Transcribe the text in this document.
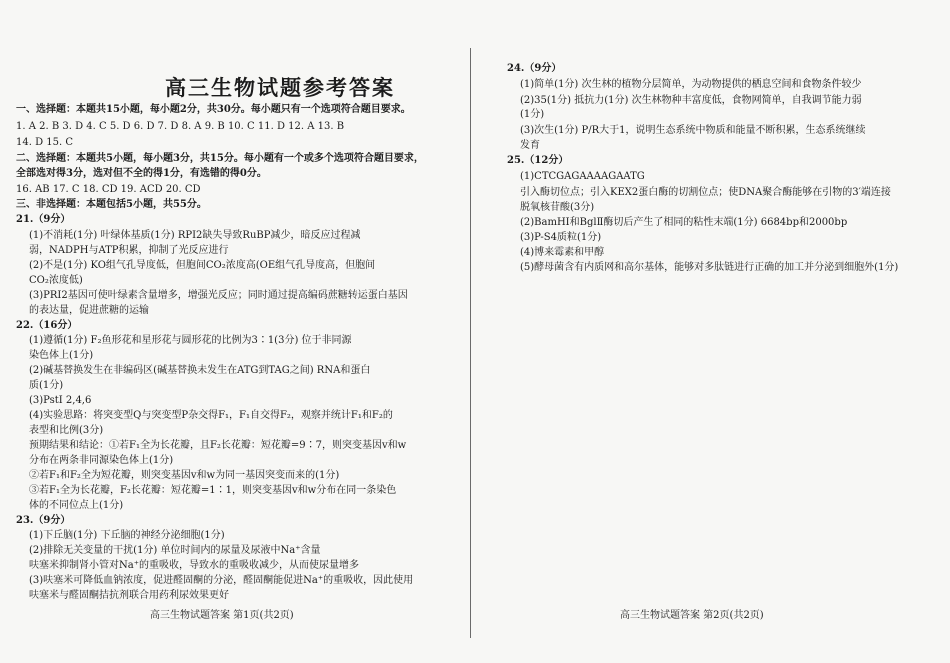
高三生物试题参考答案
一、选择题：本题共15小题，每小题2分，共30分。每小题只有一个选项符合题目要求。
1. A 2. B 3. D 4. C 5. D 6. D 7. D 8. A 9. B 10. C 11. D 12. A 13. B
14. D 15. C
二、选择题：本题共5小题，每小题3分，共15分。每小题有一个或多个选项符合题目要求，
全部选对得3分，选对但不全的得1分，有选错的得0分。
16. AB 17. C 18. CD 19. ACD 20. CD
三、非选择题：本题包括5小题，共55分。
21.（9分）
(1)不消耗(1分) 叶绿体基质(1分) RPI2缺失导致RuBP减少，暗反应过程减
弱，NADPH与ATP积累，抑制了光反应进行
(2)不是(1分) KO组气孔导度低，但胞间CO₂浓度高(OE组气孔导度高，但胞间
CO₂浓度低)
(3)PRI2基因可使叶绿素含量增多，增强光反应；同时通过提高编码蔗糖转运蛋白基因
的表达量，促进蔗糖的运输
22.（16分）
(1)遵循(1分) F₂鱼形花和星形花与圆形花的比例为3∶1(3分) 位于非同源
染色体上(1分)
(2)碱基替换发生在非编码区(碱基替换未发生在ATG到TAG之间) RNA和蛋白
质(1分)
(3)PstⅠ 2,4,6
(4)实验思路：将突变型Q与突变型P杂交得F₁，F₁自交得F₂，观察并统计F₁和F₂的
表型和比例(3分)
预期结果和结论：①若F₁全为长花瓣，且F₂长花瓣：短花瓣=9∶7，则突变基因v和w
分布在两条非同源染色体上(1分)
②若F₁和F₂全为短花瓣，则突变基因v和w为同一基因突变而来的(1分)
③若F₁全为长花瓣，F₂长花瓣：短花瓣=1∶1，则突变基因v和w分布在同一条染色
体的不同位点上(1分)
23.（9分）
(1)下丘脑(1分) 下丘脑的神经分泌细胞(1分)
(2)排除无关变量的干扰(1分) 单位时间内的尿量及尿液中Na⁺含量
呋塞米抑制肾小管对Na⁺的重吸收，导致水的重吸收减少，从而使尿量增多
(3)呋塞米可降低血钠浓度，促进醛固酮的分泌，醛固酮能促进Na⁺的重吸收，因此使用
呋塞米与醛固酮拮抗剂联合用药利尿效果更好
24.（9分）
(1)简单(1分) 次生林的植物分层简单，为动物提供的栖息空间和食物条件较少
(2)35(1分) 抵抗力(1分) 次生林物种丰富度低，食物网简单，自我调节能力弱
(1分)
(3)次生(1分) P/R大于1，说明生态系统中物质和能量不断积累，生态系统继续
发育
25.（12分）
(1)CTCGAGAAAAGAATG
引入酶切位点；引入KEX2蛋白酶的切割位点；使DNA聚合酶能够在引物的3′端连接
脱氧核苷酸(3分)
(2)BamHⅠ和BglⅡ酶切后产生了相同的粘性末端(1分) 6684bp和2000bp
(3)P-S4质粒(1分)
(4)博来霉素和甲醇
(5)酵母菌含有内质网和高尔基体，能够对多肽链进行正确的加工并分泌到细胞外(1分)
高三生物试题答案 第1页(共2页)	高三生物试题答案 第2页(共2页)
